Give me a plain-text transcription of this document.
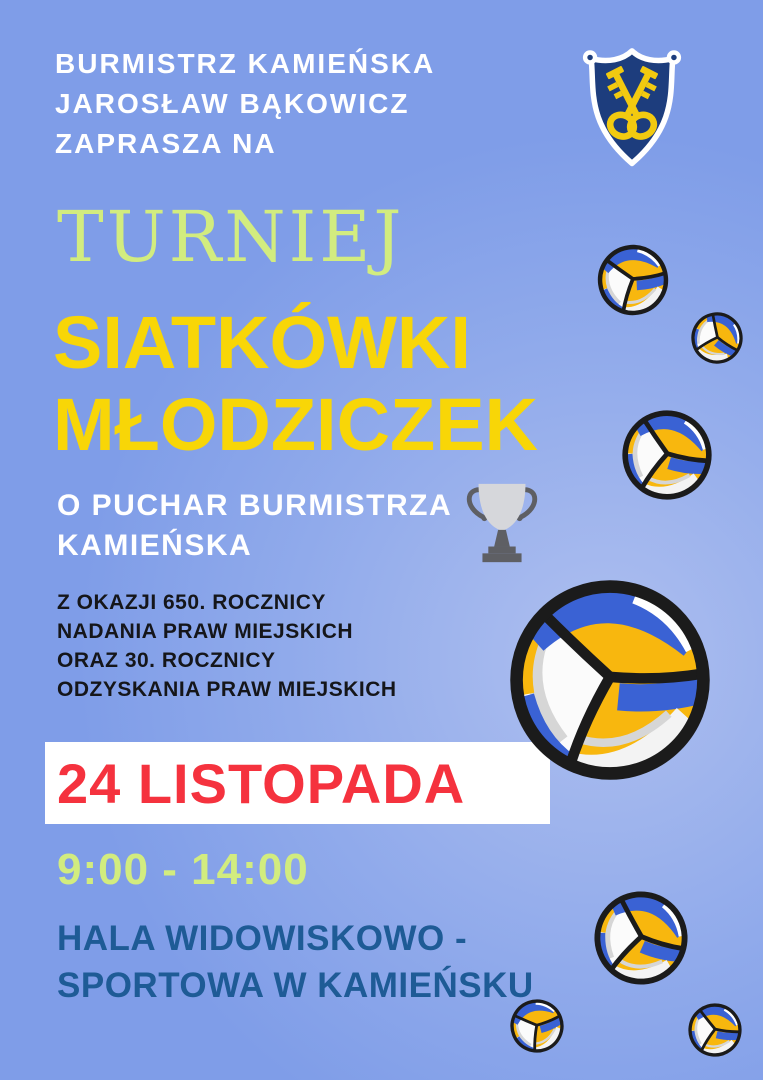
BURMISTRZ KAMIEŃSKA
JAROSŁAW BĄKOWICZ
ZAPRASZA NA
TURNIEJ
SIATKÓWKI
MŁODZICZEK
O PUCHAR BURMISTRZA
KAMIEŃSKA
Z OKAZJI 650. ROCZNICY
NADANIA PRAW MIEJSKICH
ORAZ 30. ROCZNICY
ODZYSKANIA PRAW MIEJSKICH
24 LISTOPADA
9:00 - 14:00
HALA WIDOWISKOWO -
SPORTOWA W KAMIEŃSKU
